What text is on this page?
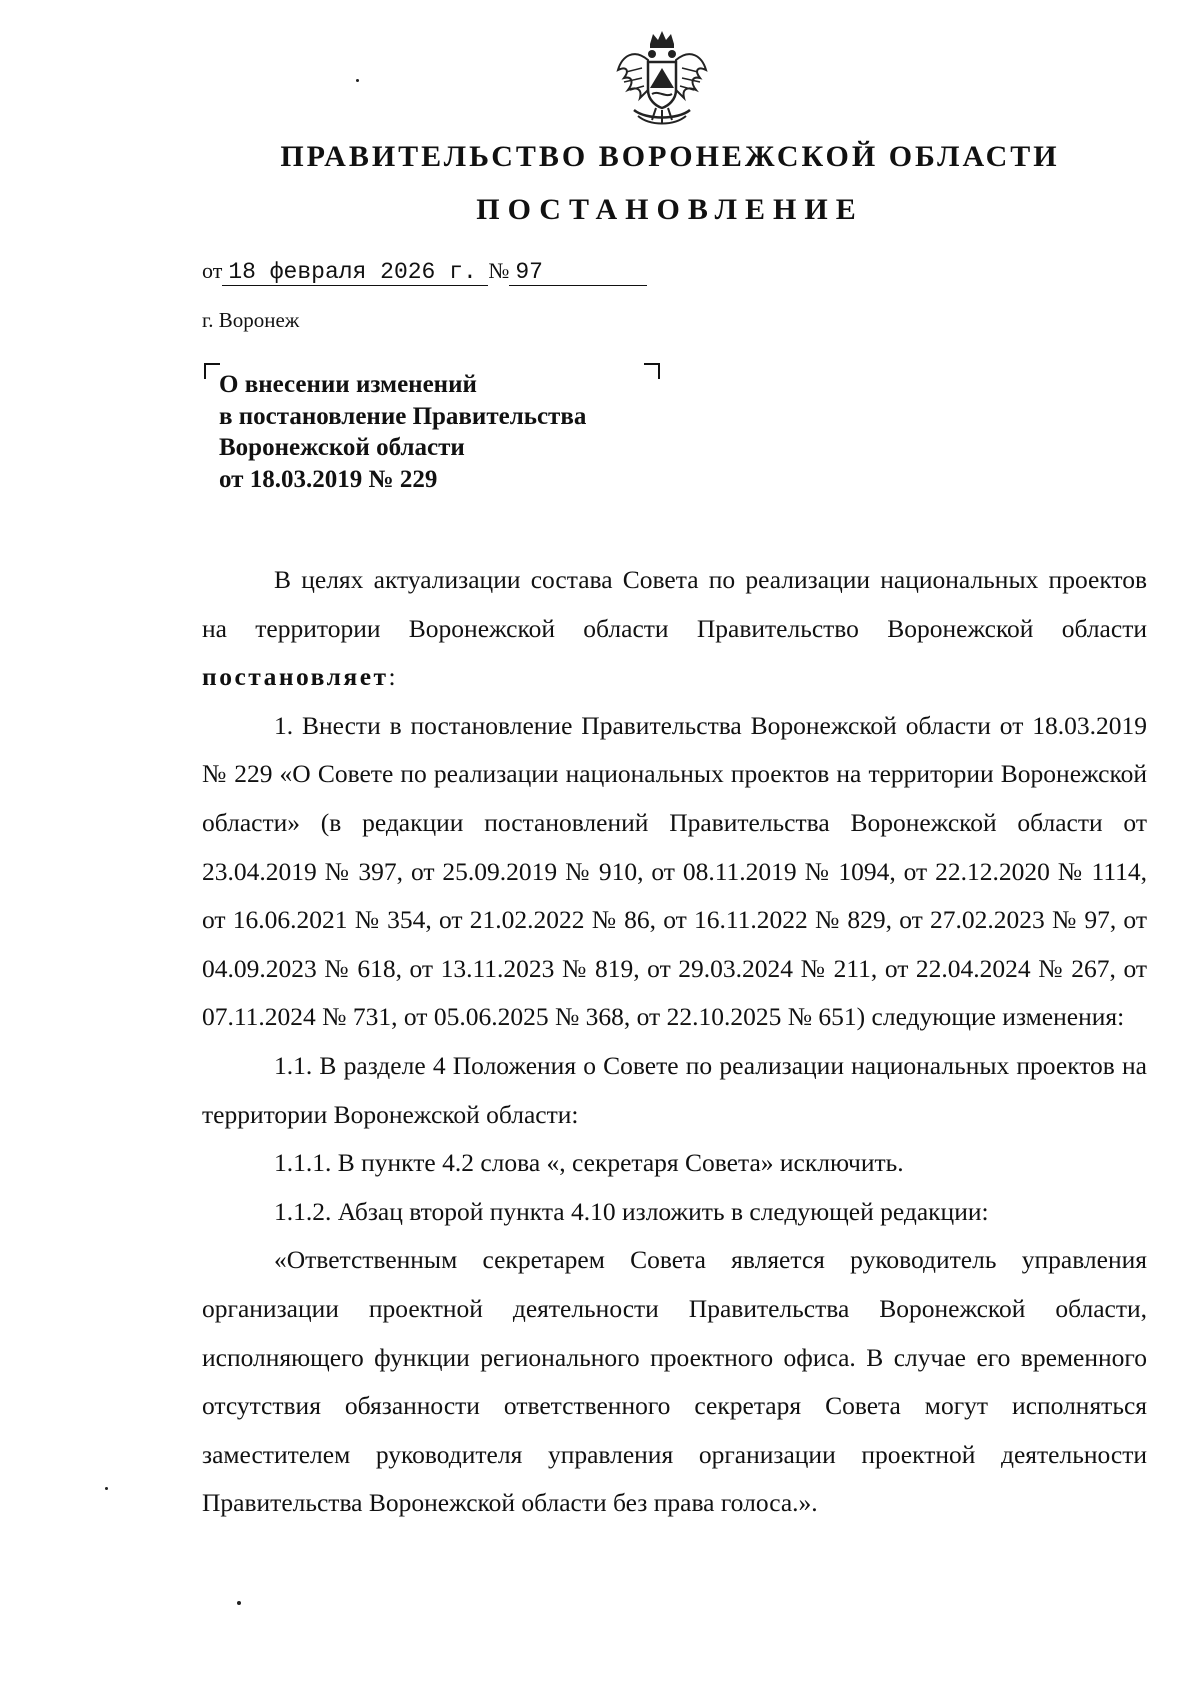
ПРАВИТЕЛЬСТВО ВОРОНЕЖСКОЙ ОБЛАСТИ
ПОСТАНОВЛЕНИЕ
от 18 февраля 2026 г. № 97
г. Воронеж
О внесении изменений
в постановление Правительства
Воронежской области
от 18.03.2019 № 229

В целях актуализации состава Совета по реализации национальных проектов на территории Воронежской области Правительство Воронежской области постановляет:

1. Внести в постановление Правительства Воронежской области от 18.03.2019 № 229 «О Совете по реализации национальных проектов на территории Воронежской области» (в редакции постановлений Правительства Воронежской области от 23.04.2019 № 397, от 25.09.2019 № 910, от 08.11.2019 № 1094, от 22.12.2020 № 1114, от 16.06.2021 № 354, от 21.02.2022 № 86, от 16.11.2022 № 829, от 27.02.2023 № 97, от 04.09.2023 № 618, от 13.11.2023 № 819, от 29.03.2024 № 211, от 22.04.2024 № 267, от 07.11.2024 № 731, от 05.06.2025 № 368, от 22.10.2025 № 651) следующие изменения:

1.1. В разделе 4 Положения о Совете по реализации национальных проектов на территории Воронежской области:

1.1.1. В пункте 4.2 слова «, секретаря Совета» исключить.

1.1.2. Абзац второй пункта 4.10 изложить в следующей редакции:

«Ответственным секретарем Совета является руководитель управления организации проектной деятельности Правительства Воронежской области, исполняющего функции регионального проектного офиса. В случае его временного отсутствия обязанности ответственного секретаря Совета могут исполняться заместителем руководителя управления организации проектной деятельности Правительства Воронежской области без права голоса.».
